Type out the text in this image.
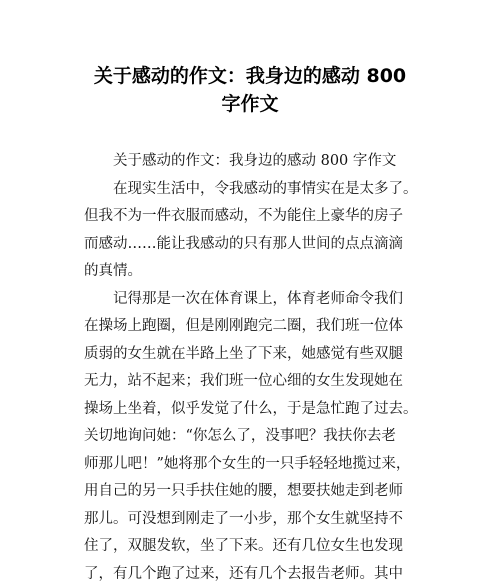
关于感动的作文：我身边的感动 800
字作文

关于感动的作文：我身边的感动 800 字作文

在现实生活中，令我感动的事情实在是太多了。
但我不为一件衣服而感动，不为能住上豪华的房子
而感动……能让我感动的只有那人世间的点点滴滴
的真情。

记得那是一次在体育课上，体育老师命令我们
在操场上跑圈，但是刚刚跑完二圈，我们班一位体
质弱的女生就在半路上坐了下来，她感觉有些双腿
无力，站不起来；我们班一位心细的女生发现她在
操场上坐着，似乎发觉了什么，于是急忙跑了过去。
关切地询问她：“你怎么了，没事吧？我扶你去老
师那儿吧！”她将那个女生的一只手轻轻地揽过来，
用自己的另一只手扶住她的腰，想要扶她走到老师
那儿。可没想到刚走了一小步，那个女生就坚持不
住了，双腿发软，坐了下来。还有几位女生也发现
了，有几个跑了过来，还有几个去报告老师。其中
